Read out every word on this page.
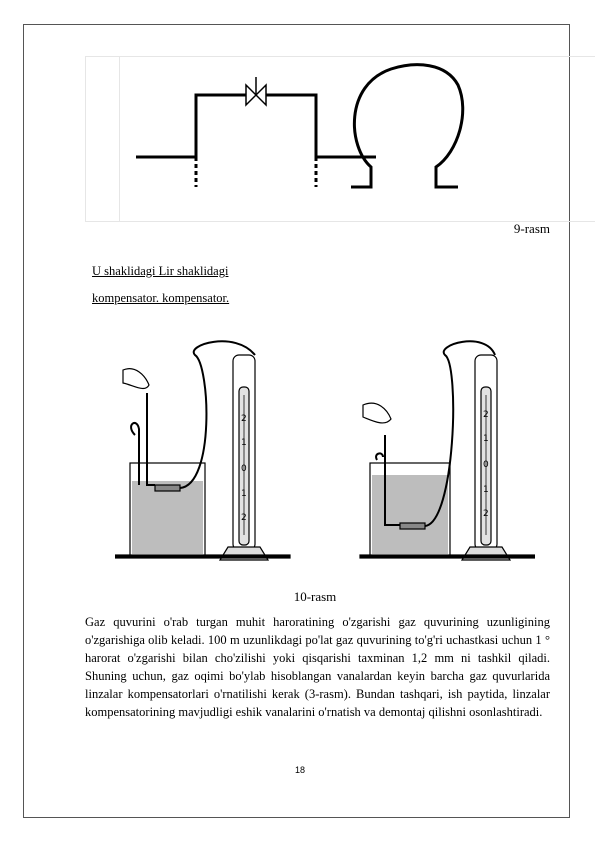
9-rasm
U shaklidagi Lir shaklidagi
kompensator. kompensator.
2
1
0
1
2
2
1
0
1
2
10-rasm
Gaz quvurini o'rab turgan muhit haroratining o'zgarishi gaz quvurining uzunligining o'zgarishiga olib keladi. 100 m uzunlikdagi po'lat gaz quvurining to'g'ri uchastkasi uchun 1 ° harorat o'zgarishi bilan cho'zilishi yoki qisqarishi taxminan 1,2 mm ni tashkil qiladi. Shuning uchun, gaz oqimi bo'ylab hisoblangan vanalardan keyin barcha gaz quvurlarida linzalar kompensatorlari o'rnatilishi kerak (3-rasm). Bundan tashqari, ish paytida, linzalar kompensatorining mavjudligi eshik vanalarini o'rnatish va demontaj qilishni osonlashtiradi.
18
